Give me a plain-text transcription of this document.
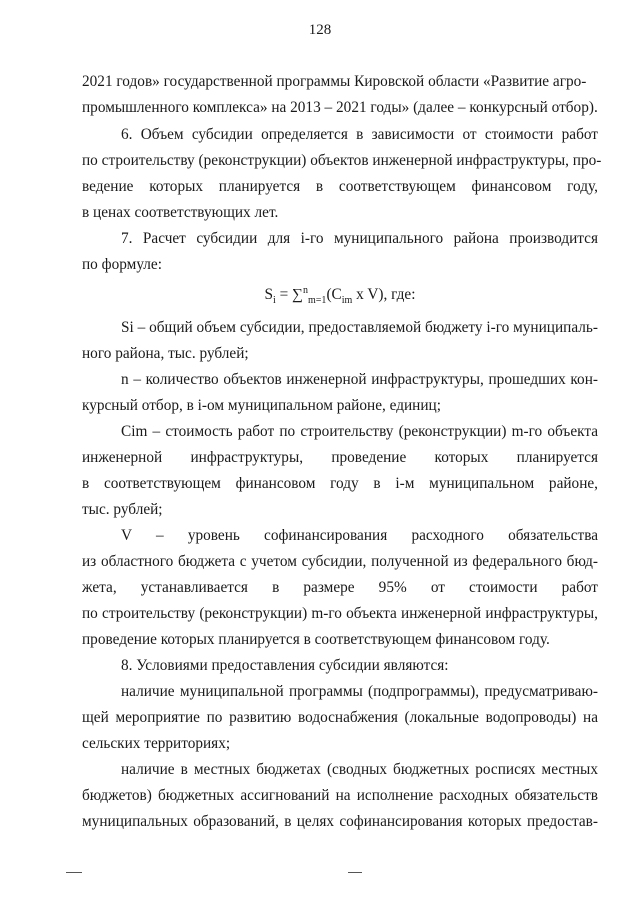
128
2021 годов» государственной программы Кировской области «Развитие агро-
промышленного комплекса» на 2013 – 2021 годы» (далее – конкурсный отбор).
6. Объем субсидии определяется в зависимости от стоимости работ
по строительству (реконструкции) объектов инженерной инфраструктуры, про-
ведение которых планируется в соответствующем финансовом году,
в ценах соответствующих лет.
7. Расчет субсидии для i-го муниципального района производится
по формуле:
$S_i = \sum^n_{m=1}(C_{im}$ x V), где:
Si – общий объем субсидии, предоставляемой бюджету i-го муниципаль-
ного района, тыс. рублей;
n – количество объектов инженерной инфраструктуры, прошедших кон-
курсный отбор, в i-ом муниципальном районе, единиц;
Cim – стоимость работ по строительству (реконструкции) m-го объекта
инженерной инфраструктуры, проведение которых планируется
в соответствующем финансовом году в i-м муниципальном районе,
тыс. рублей;
V – уровень софинансирования расходного обязательства
из областного бюджета с учетом субсидии, полученной из федерального бюд-
жета, устанавливается в размере 95% от стоимости работ
по строительству (реконструкции) m-го объекта инженерной инфраструктуры,
проведение которых планируется в соответствующем финансовом году.
8. Условиями предоставления субсидии являются:
наличие муниципальной программы (подпрограммы), предусматриваю-
щей мероприятие по развитию водоснабжения (локальные водопроводы) на
сельских территориях;
наличие в местных бюджетах (сводных бюджетных росписях местных
бюджетов) бюджетных ассигнований на исполнение расходных обязательств
муниципальных образований, в целях софинансирования которых предостав-
